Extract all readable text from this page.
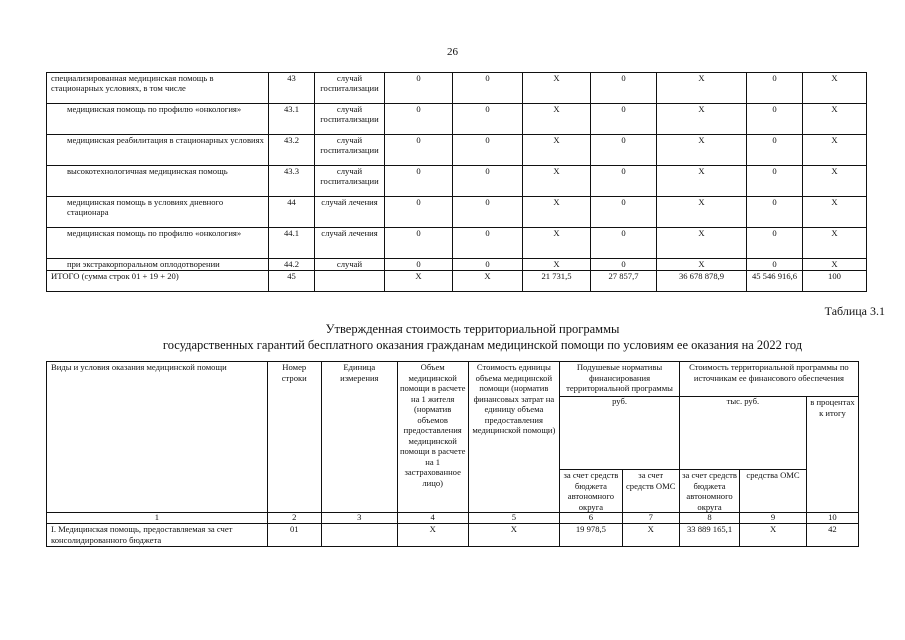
26
специализированная медицинская помощь в стационарных условиях, в том числе	43	случай госпитализации	0	0	X	0	X	0	X
медицинская помощь по профилю «онкология»	43.1	случай госпитализации	0	0	X	0	X	0	X
медицинская реабилитация в стационарных условиях	43.2	случай госпитализации	0	0	X	0	X	0	X
высокотехнологичная медицинская помощь	43.3	случай госпитализации	0	0	X	0	X	0	X
медицинская помощь в условиях дневного стационара	44	случай лечения	0	0	X	0	X	0	X
медицинская помощь по профилю «онкология»	44.1	случай лечения	0	0	X	0	X	0	X
при экстракорпоральном оплодотворении	44.2	случай	0	0	X	0	X	0	X
ИТОГО (сумма строк 01 + 19 + 20)	45		X	X	21 731,5	27 857,7	36 678 878,9	45 546 916,6	100
Таблица 3.1
Утвержденная стоимость территориальной программы
государственных гарантий бесплатного оказания гражданам медицинской помощи по условиям ее оказания на 2022 год
Виды и условия оказания медицинской помощи	Номер строки	Единица измерения	Объем медицинской помощи в расчете на 1 жителя (норматив объемов предоставления медицинской помощи в расчете на 1 застрахованное лицо)	Стоимость единицы объема медицинской помощи (норматив финансовых затрат на единицу объема предоставления медицинской помощи)	Подушевые нормативы финансирования территориальной программы		Стоимость территориальной программы по источникам ее финансового обеспечения		
					руб.		тыс. руб.		в процентах к итогу
					за счет средств бюджета автономного округа	за счет средств ОМС	за счет средств бюджета автономного округа	средства ОМС	
1	2	3	4	5	6	7	8	9	10
I. Медицинская помощь, предоставляемая за счет консолидированного бюджета	01		X	X	19 978,5	X	33 889 165,1	X	42
